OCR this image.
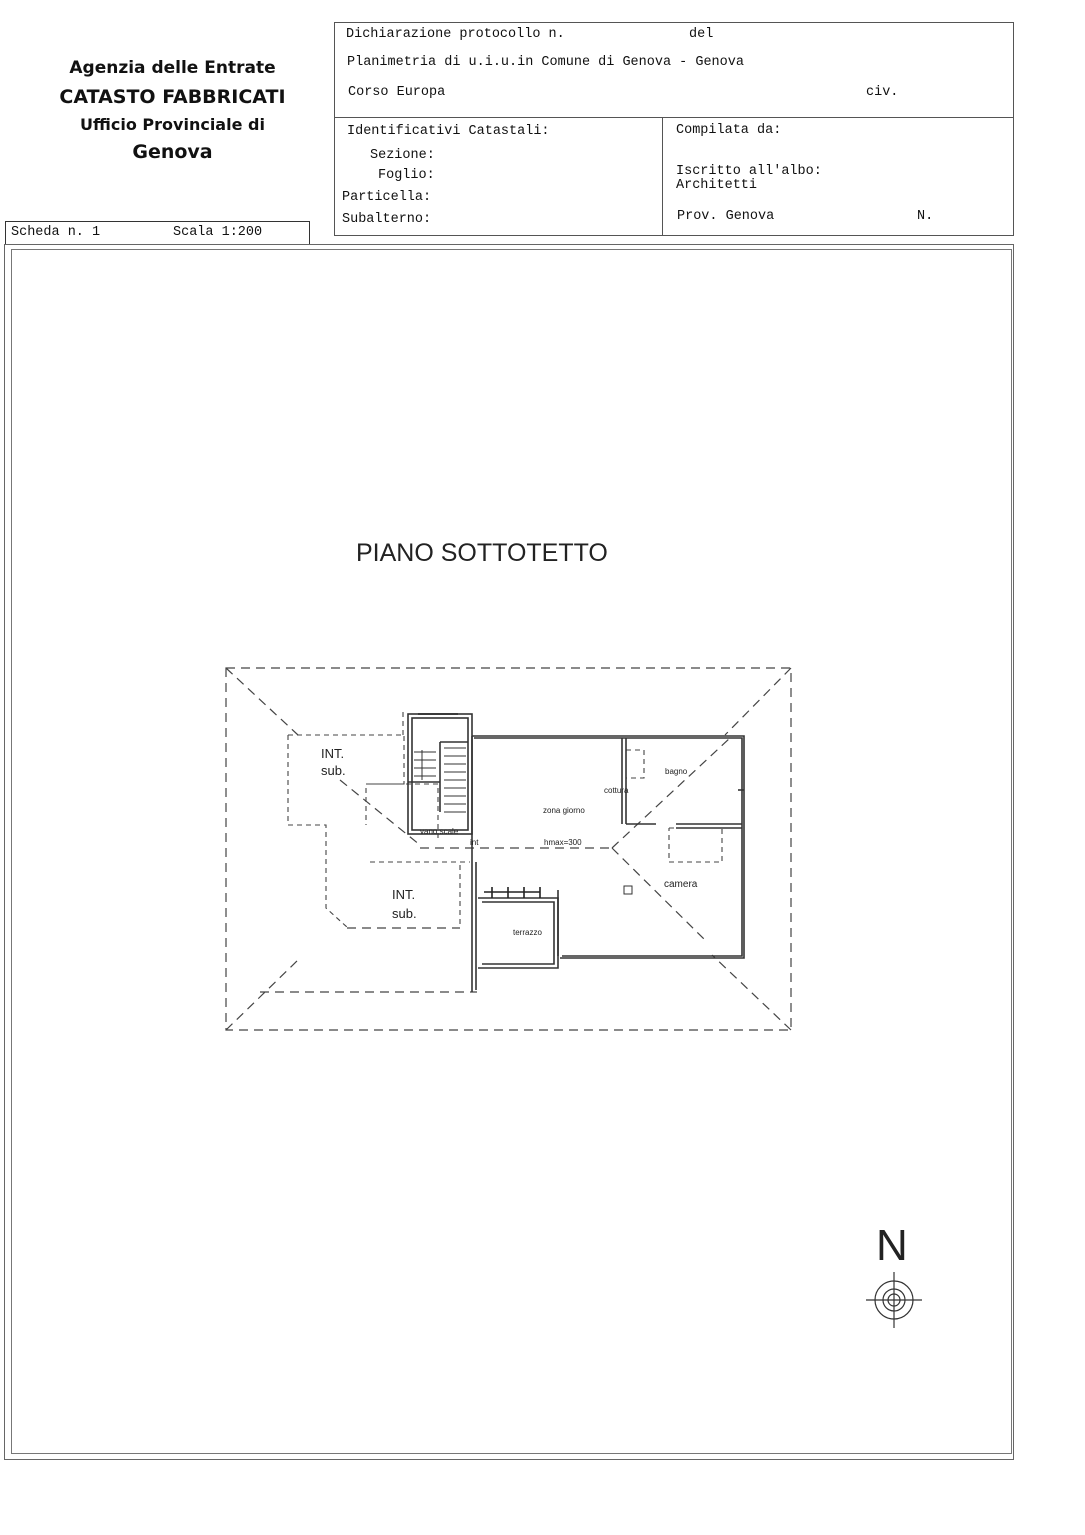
Agenzia delle Entrate
CATASTO FABBRICATI
Ufficio Provinciale di
Genova
Dichiarazione protocollo n.	del
Planimetria di u.i.u.in Comune di Genova - Genova
Corso Europa	civ.
Identificativi Catastali:
Sezione:
Foglio:
Particella:
Subalterno:
Compilata da:
Iscritto all'albo:
Architetti
Prov. Genova	N.
Scheda n. 1	Scala 1:200
PIANO SOTTOTETTO
INT.
sub.
INT.
sub.
vano scale
int
zona giorno
hmax=300
cottura
bagno
camera
terrazzo
N
